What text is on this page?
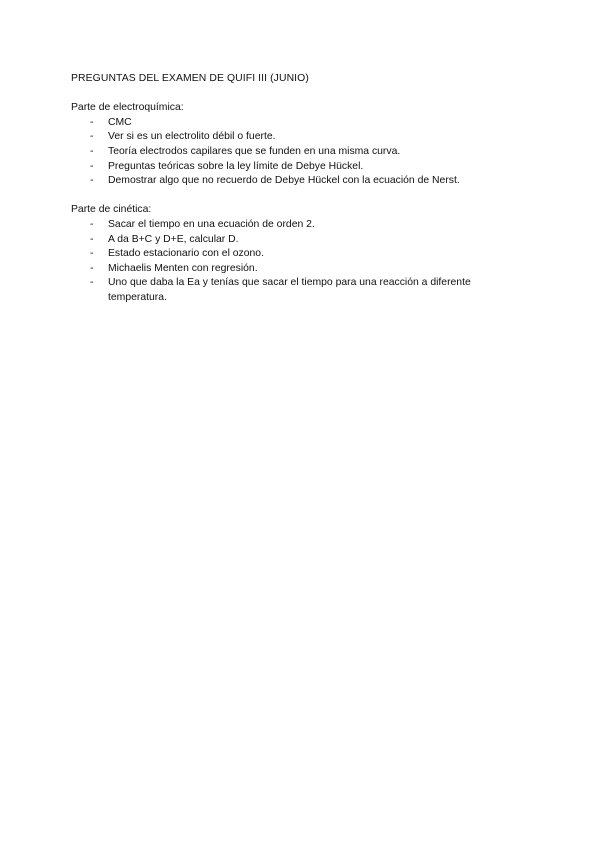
PREGUNTAS DEL EXAMEN DE QUIFI III (JUNIO)

Parte de electroquímica:

- CMC
- Ver si es un electrolito débil o fuerte.
- Teoría electrodos capilares que se funden en una misma curva.
- Preguntas teóricas sobre la ley límite de Debye Hückel.
- Demostrar algo que no recuerdo de Debye Hückel con la ecuación de Nerst.

Parte de cinética:

- Sacar el tiempo en una ecuación de orden 2.
- A da B+C y D+E, calcular D.
- Estado estacionario con el ozono.
- Michaelis Menten con regresión.
- Uno que daba la Ea y tenías que sacar el tiempo para una reacción a diferente temperatura.
